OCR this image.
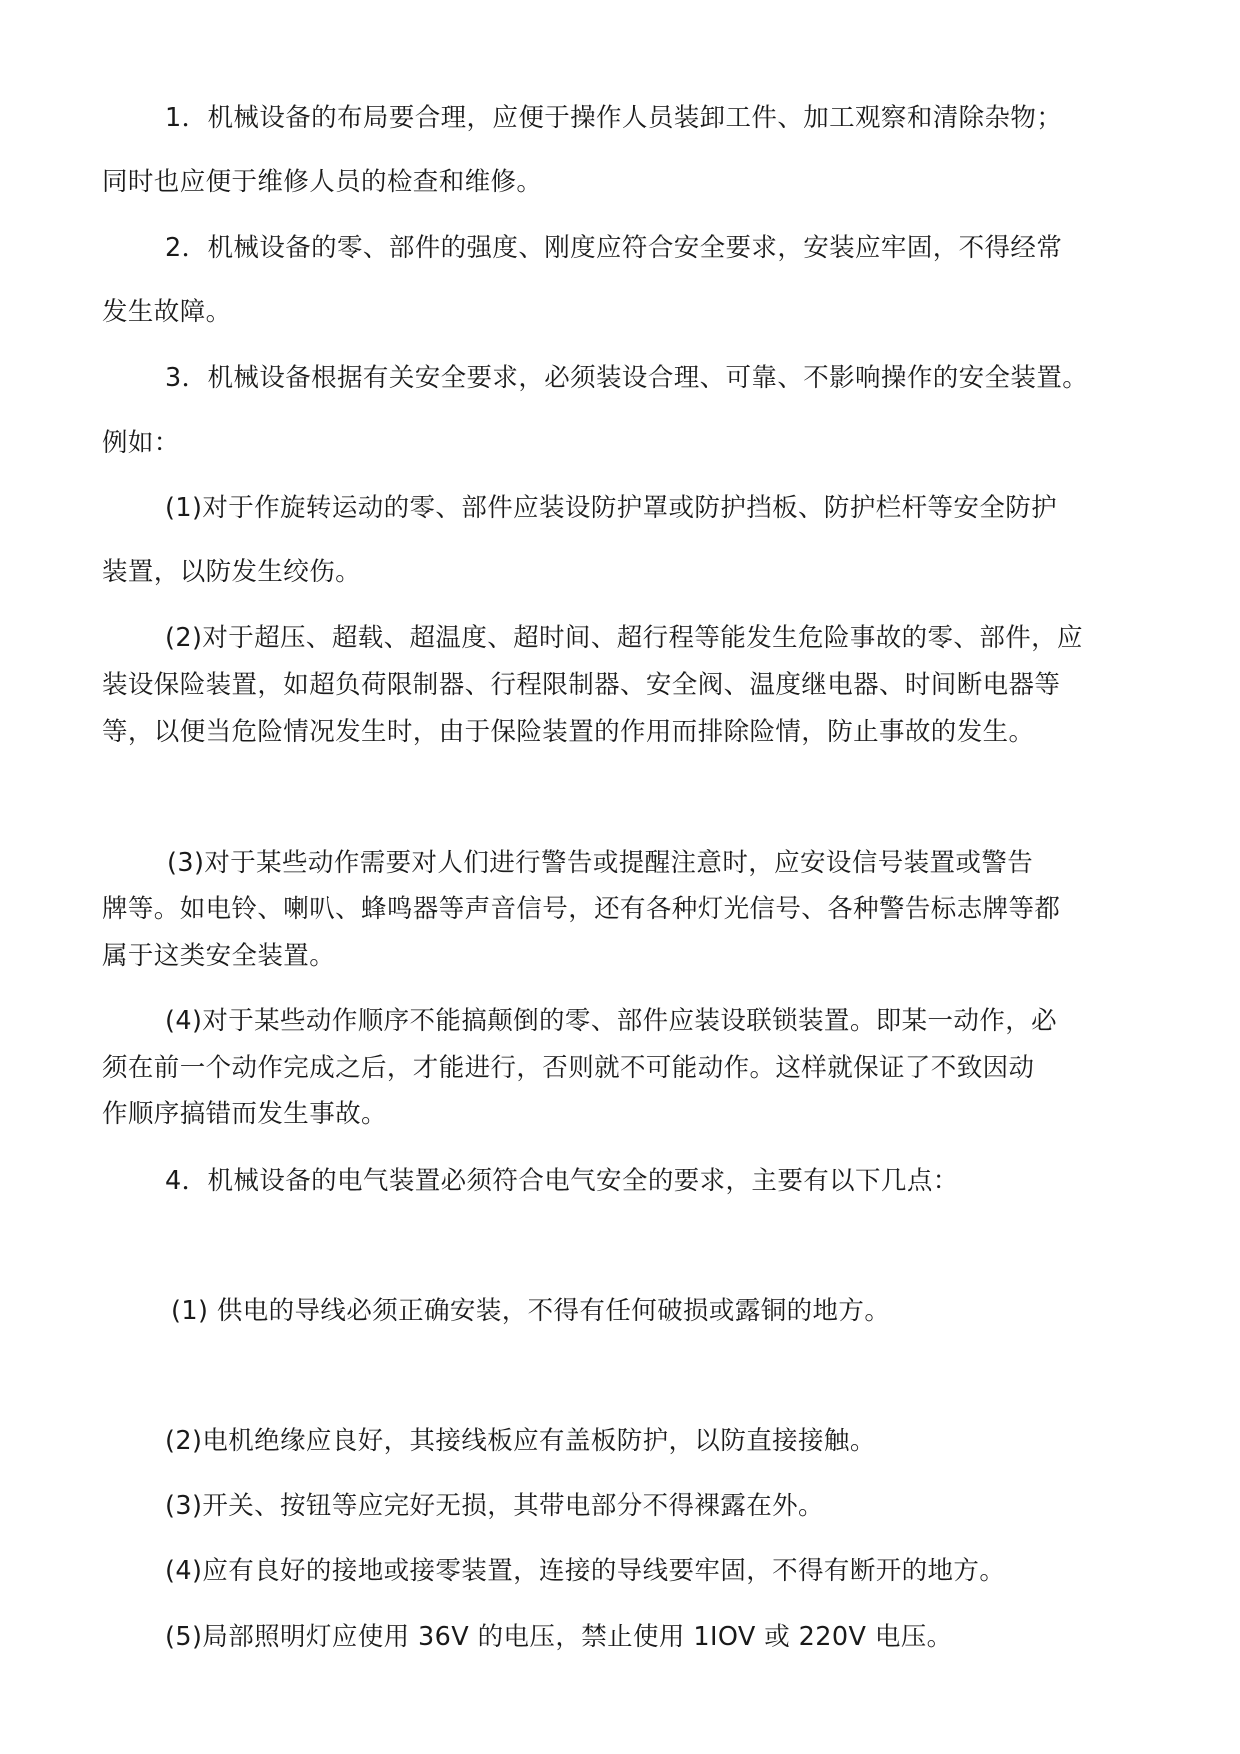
1．机械设备的布局要合理，应便于操作人员装卸工件、加工观察和清除杂物；
同时也应便于维修人员的检查和维修。
2．机械设备的零、部件的强度、刚度应符合安全要求，安装应牢固，不得经常
发生故障。
3．机械设备根据有关安全要求，必须装设合理、可靠、不影响操作的安全装置。
例如：
(1)对于作旋转运动的零、部件应装设防护罩或防护挡板、防护栏杆等安全防护
装置，以防发生绞伤。
(2)对于超压、超载、超温度、超时间、超行程等能发生危险事故的零、部件，应
装设保险装置，如超负荷限制器、行程限制器、安全阀、温度继电器、时间断电器等
等，以便当危险情况发生时，由于保险装置的作用而排除险情，防止事故的发生。
(3)对于某些动作需要对人们进行警告或提醒注意时，应安设信号装置或警告
牌等。如电铃、喇叭、蜂鸣器等声音信号，还有各种灯光信号、各种警告标志牌等都
属于这类安全装置。
(4)对于某些动作顺序不能搞颠倒的零、部件应装设联锁装置。即某一动作，必
须在前一个动作完成之后，才能进行，否则就不可能动作。这样就保证了不致因动
作顺序搞错而发生事故。
4．机械设备的电气装置必须符合电气安全的要求，主要有以下几点：
(1) 供电的导线必须正确安装，不得有任何破损或露铜的地方。
(2)电机绝缘应良好，其接线板应有盖板防护，以防直接接触。
(3)开关、按钮等应完好无损，其带电部分不得裸露在外。
(4)应有良好的接地或接零装置，连接的导线要牢固，不得有断开的地方。
(5)局部照明灯应使用 36V 的电压，禁止使用 1IOV 或 220V 电压。
